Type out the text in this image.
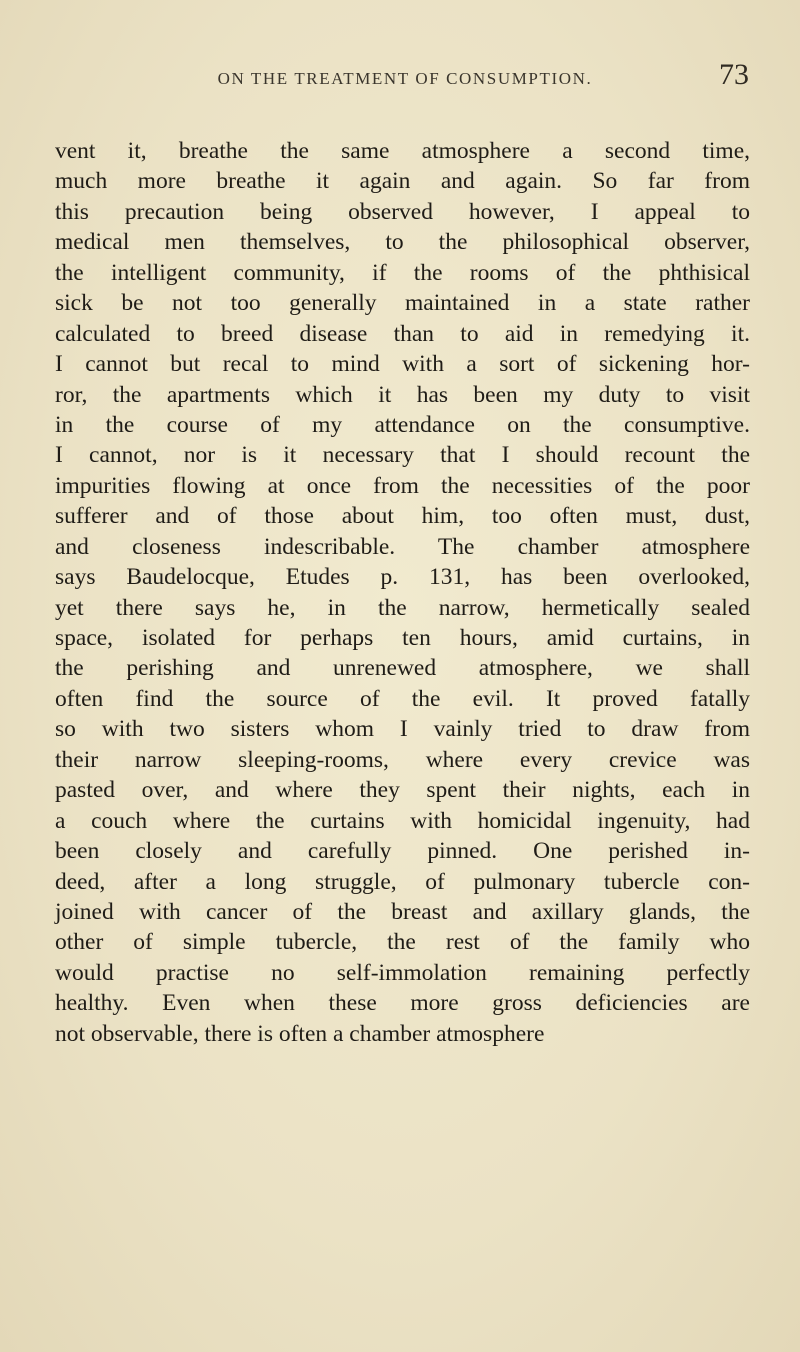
ON THE TREATMENT OF CONSUMPTION.	73
vent it, breathe the same atmosphere a second time,
much more breathe it again and again. So far from
this precaution being observed however, I appeal to
medical men themselves, to the philosophical observer,
the intelligent community, if the rooms of the phthisical
sick be not too generally maintained in a state rather
calculated to breed disease than to aid in remedying it.
I cannot but recal to mind with a sort of sickening hor-
ror, the apartments which it has been my duty to visit
in the course of my attendance on the consumptive.
I cannot, nor is it necessary that I should recount the
impurities flowing at once from the necessities of the poor
sufferer and of those about him, too often must, dust,
and closeness indescribable. The chamber atmosphere
says Baudelocque, Etudes p. 131, has been overlooked,
yet there says he, in the narrow, hermetically sealed
space, isolated for perhaps ten hours, amid curtains, in
the perishing and unrenewed atmosphere, we shall
often find the source of the evil. It proved fatally
so with two sisters whom I vainly tried to draw from
their narrow sleeping-rooms, where every crevice was
pasted over, and where they spent their nights, each in
a couch where the curtains with homicidal ingenuity, had
been closely and carefully pinned. One perished in-
deed, after a long struggle, of pulmonary tubercle con-
joined with cancer of the breast and axillary glands, the
other of simple tubercle, the rest of the family who
would practise no self-immolation remaining perfectly
healthy. Even when these more gross deficiencies are
not observable, there is often a chamber atmosphere
